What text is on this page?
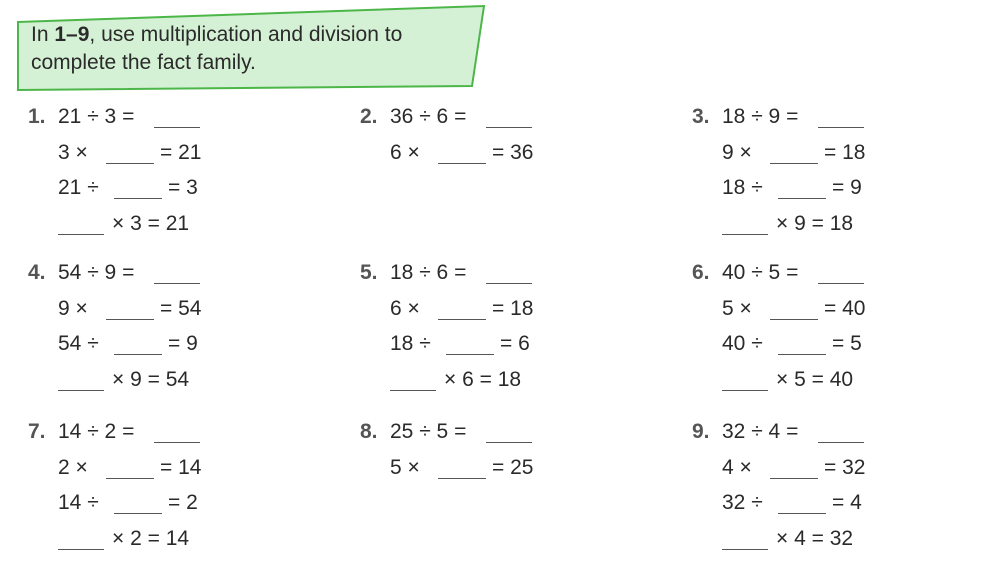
In 1–9, use multiplication and division to
complete the fact family.
1. 21 ÷ 3 =
3 ×	= 21
21 ÷	= 3
× 3 = 21
2. 36 ÷ 6 =
6 ×	= 36
3. 18 ÷ 9 =
9 ×	= 18
18 ÷	= 9
× 9 = 18
4. 54 ÷ 9 =
9 ×	= 54
54 ÷	= 9
× 9 = 54
5. 18 ÷ 6 =
6 ×	= 18
18 ÷	= 6
× 6 = 18
6. 40 ÷ 5 =
5 ×	= 40
40 ÷	= 5
× 5 = 40
7. 14 ÷ 2 =
2 ×	= 14
14 ÷	= 2
× 2 = 14
8. 25 ÷ 5 =
5 ×	= 25
9. 32 ÷ 4 =
4 ×	= 32
32 ÷	= 4
× 4 = 32
